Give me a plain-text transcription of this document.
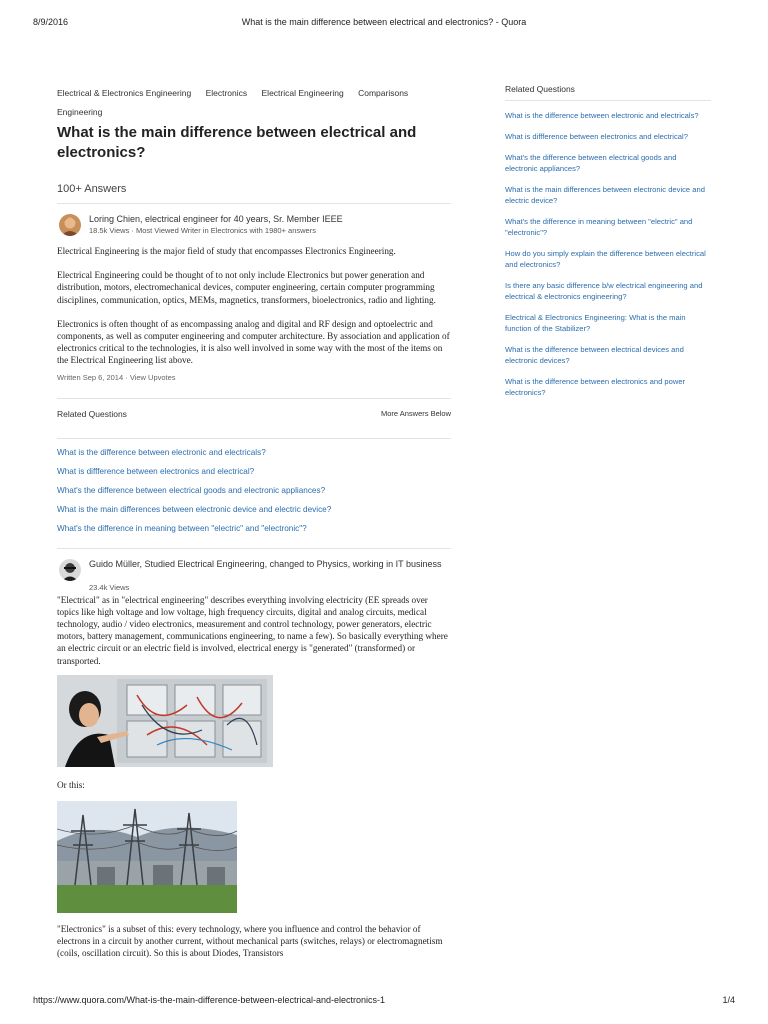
8/9/2016	What is the main difference between electrical and electronics? - Quora
Electrical & Electronics Engineering Electronics Electrical Engineering Comparisons Engineering
What is the main difference between electrical and electronics?
100+ Answers
Loring Chien, electrical engineer for 40 years, Sr. Member IEEE
18.5k Views · Most Viewed Writer in Electronics with 1980+ answers

Electrical Engineering is the major field of study that encompasses Electronics Engineering.

Electrical Engineering could be thought of to not only include Electronics but power generation and distribution, motors, electromechanical devices, computer engineering, certain computer programming disciplines, communication, optics, MEMs, magnetics, transformers, bioelectronics, radio and lighting.

Electronics is often thought of as encompassing analog and digital and RF design and optoelectric and components, as well as computer engineering and computer architecture. By association and application of electronics critical to the technologies, it is also well involved in some way with the most of the items on the Electrical Engineering list above.

Written Sep 6, 2014 · View Upvotes
Related Questions	More Answers Below
What is the difference between electronic and electricals?
What is diffference between electronics and electrical?
What's the difference between electrical goods and electronic appliances?
What is the main differences between electronic device and electric device?
What's the difference in meaning between "electric" and "electronic"?
Guido Müller, Studied Electrical Engineering, changed to Physics, working in IT business
23.4k Views

"Electrical" as in "electrical engineering" describes everything involving electricity (EE spreads over topics like high voltage and low voltage, high frequency circuits, digital and analog circuits, medical technology, audio / video electronics, measurement and control technology, power generators, electric motors, battery management, communications engineering, to name a few). So basically everything where an electric circuit or an electric field is involved, electrical energy is "generated" (transformed) or transported.

Or this:

"Electronics" is a subset of this: every technology, where you influence and control the behavior of electrons in a circuit by another current, without mechanical parts (switches, relays) or electromagnetism (coils, oscillation circuit). So this is about Diodes, Transistors

Related Questions
What is the difference between electronic and electricals?
What is diffference between electronics and electrical?
What's the difference between electrical goods and electronic appliances?
What is the main differences between electronic device and electric device?
What's the difference in meaning between "electric" and "electronic"?
How do you simply explain the difference between electrical and electronics?
Is there any basic difference b/w electrical engineering and electrical & electronics engineering?
Electrical & Electronics Engineering: What is the main function of the Stabilizer?
What is the difference between electrical devices and electronic devices?
What is the difference between electronics and power electronics?
https://www.quora.com/What-is-the-main-difference-between-electrical-and-electronics-1	1/4
